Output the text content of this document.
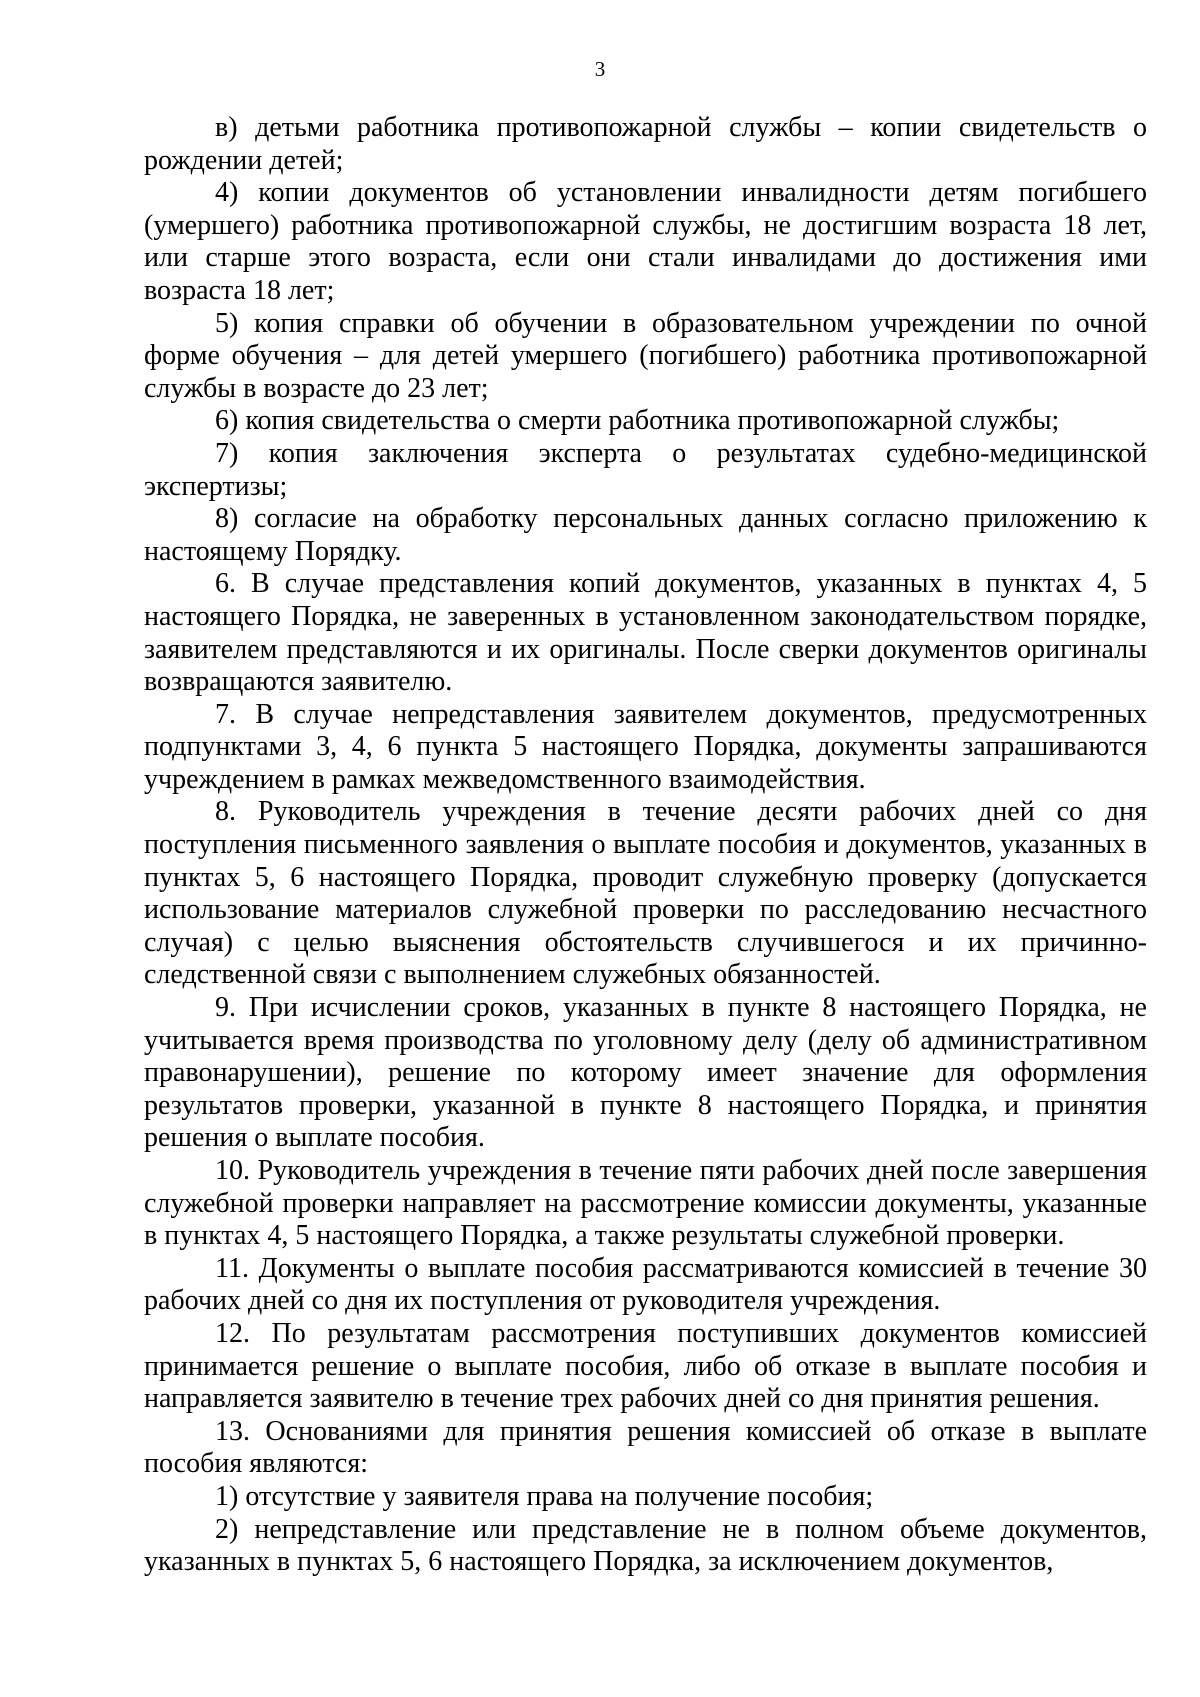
3

в) детьми работника противопожарной службы – копии свидетельств о рождении детей;

4) копии документов об установлении инвалидности детям погибшего (умершего) работника противопожарной службы, не достигшим возраста 18 лет, или старше этого возраста, если они стали инвалидами до достижения ими возраста 18 лет;

5) копия справки об обучении в образовательном учреждении по очной форме обучения – для детей умершего (погибшего) работника противопожарной службы в возрасте до 23 лет;

6) копия свидетельства о смерти работника противопожарной службы;

7) копия заключения эксперта о результатах судебно-медицинской экспертизы;

8) согласие на обработку персональных данных согласно приложению к настоящему Порядку.

6. В случае представления копий документов, указанных в пунктах 4, 5 настоящего Порядка, не заверенных в установленном законодательством порядке, заявителем представляются и их оригиналы. После сверки документов оригиналы возвращаются заявителю.

7. В случае непредставления заявителем документов, предусмотренных подпунктами 3, 4, 6 пункта 5 настоящего Порядка, документы запрашиваются учреждением в рамках межведомственного взаимодействия.

8. Руководитель учреждения в течение десяти рабочих дней со дня поступления письменного заявления о выплате пособия и документов, указанных в пунктах 5, 6 настоящего Порядка, проводит служебную проверку (допускается использование материалов служебной проверки по расследованию несчастного случая) с целью выяснения обстоятельств случившегося и их причинно-следственной связи с выполнением служебных обязанностей.

9. При исчислении сроков, указанных в пункте 8 настоящего Порядка, не учитывается время производства по уголовному делу (делу об административном правонарушении), решение по которому имеет значение для оформления результатов проверки, указанной в пункте 8 настоящего Порядка, и принятия решения о выплате пособия.

10. Руководитель учреждения в течение пяти рабочих дней после завершения служебной проверки направляет на рассмотрение комиссии документы, указанные в пунктах 4, 5 настоящего Порядка, а также результаты служебной проверки.

11. Документы о выплате пособия рассматриваются комиссией в течение 30 рабочих дней со дня их поступления от руководителя учреждения.

12. По результатам рассмотрения поступивших документов комиссией принимается решение о выплате пособия, либо об отказе в выплате пособия и направляется заявителю в течение трех рабочих дней со дня принятия решения.

13. Основаниями для принятия решения комиссией об отказе в выплате пособия являются:

1) отсутствие у заявителя права на получение пособия;

2) непредставление или представление не в полном объеме документов, указанных в пунктах 5, 6 настоящего Порядка, за исключением документов,
